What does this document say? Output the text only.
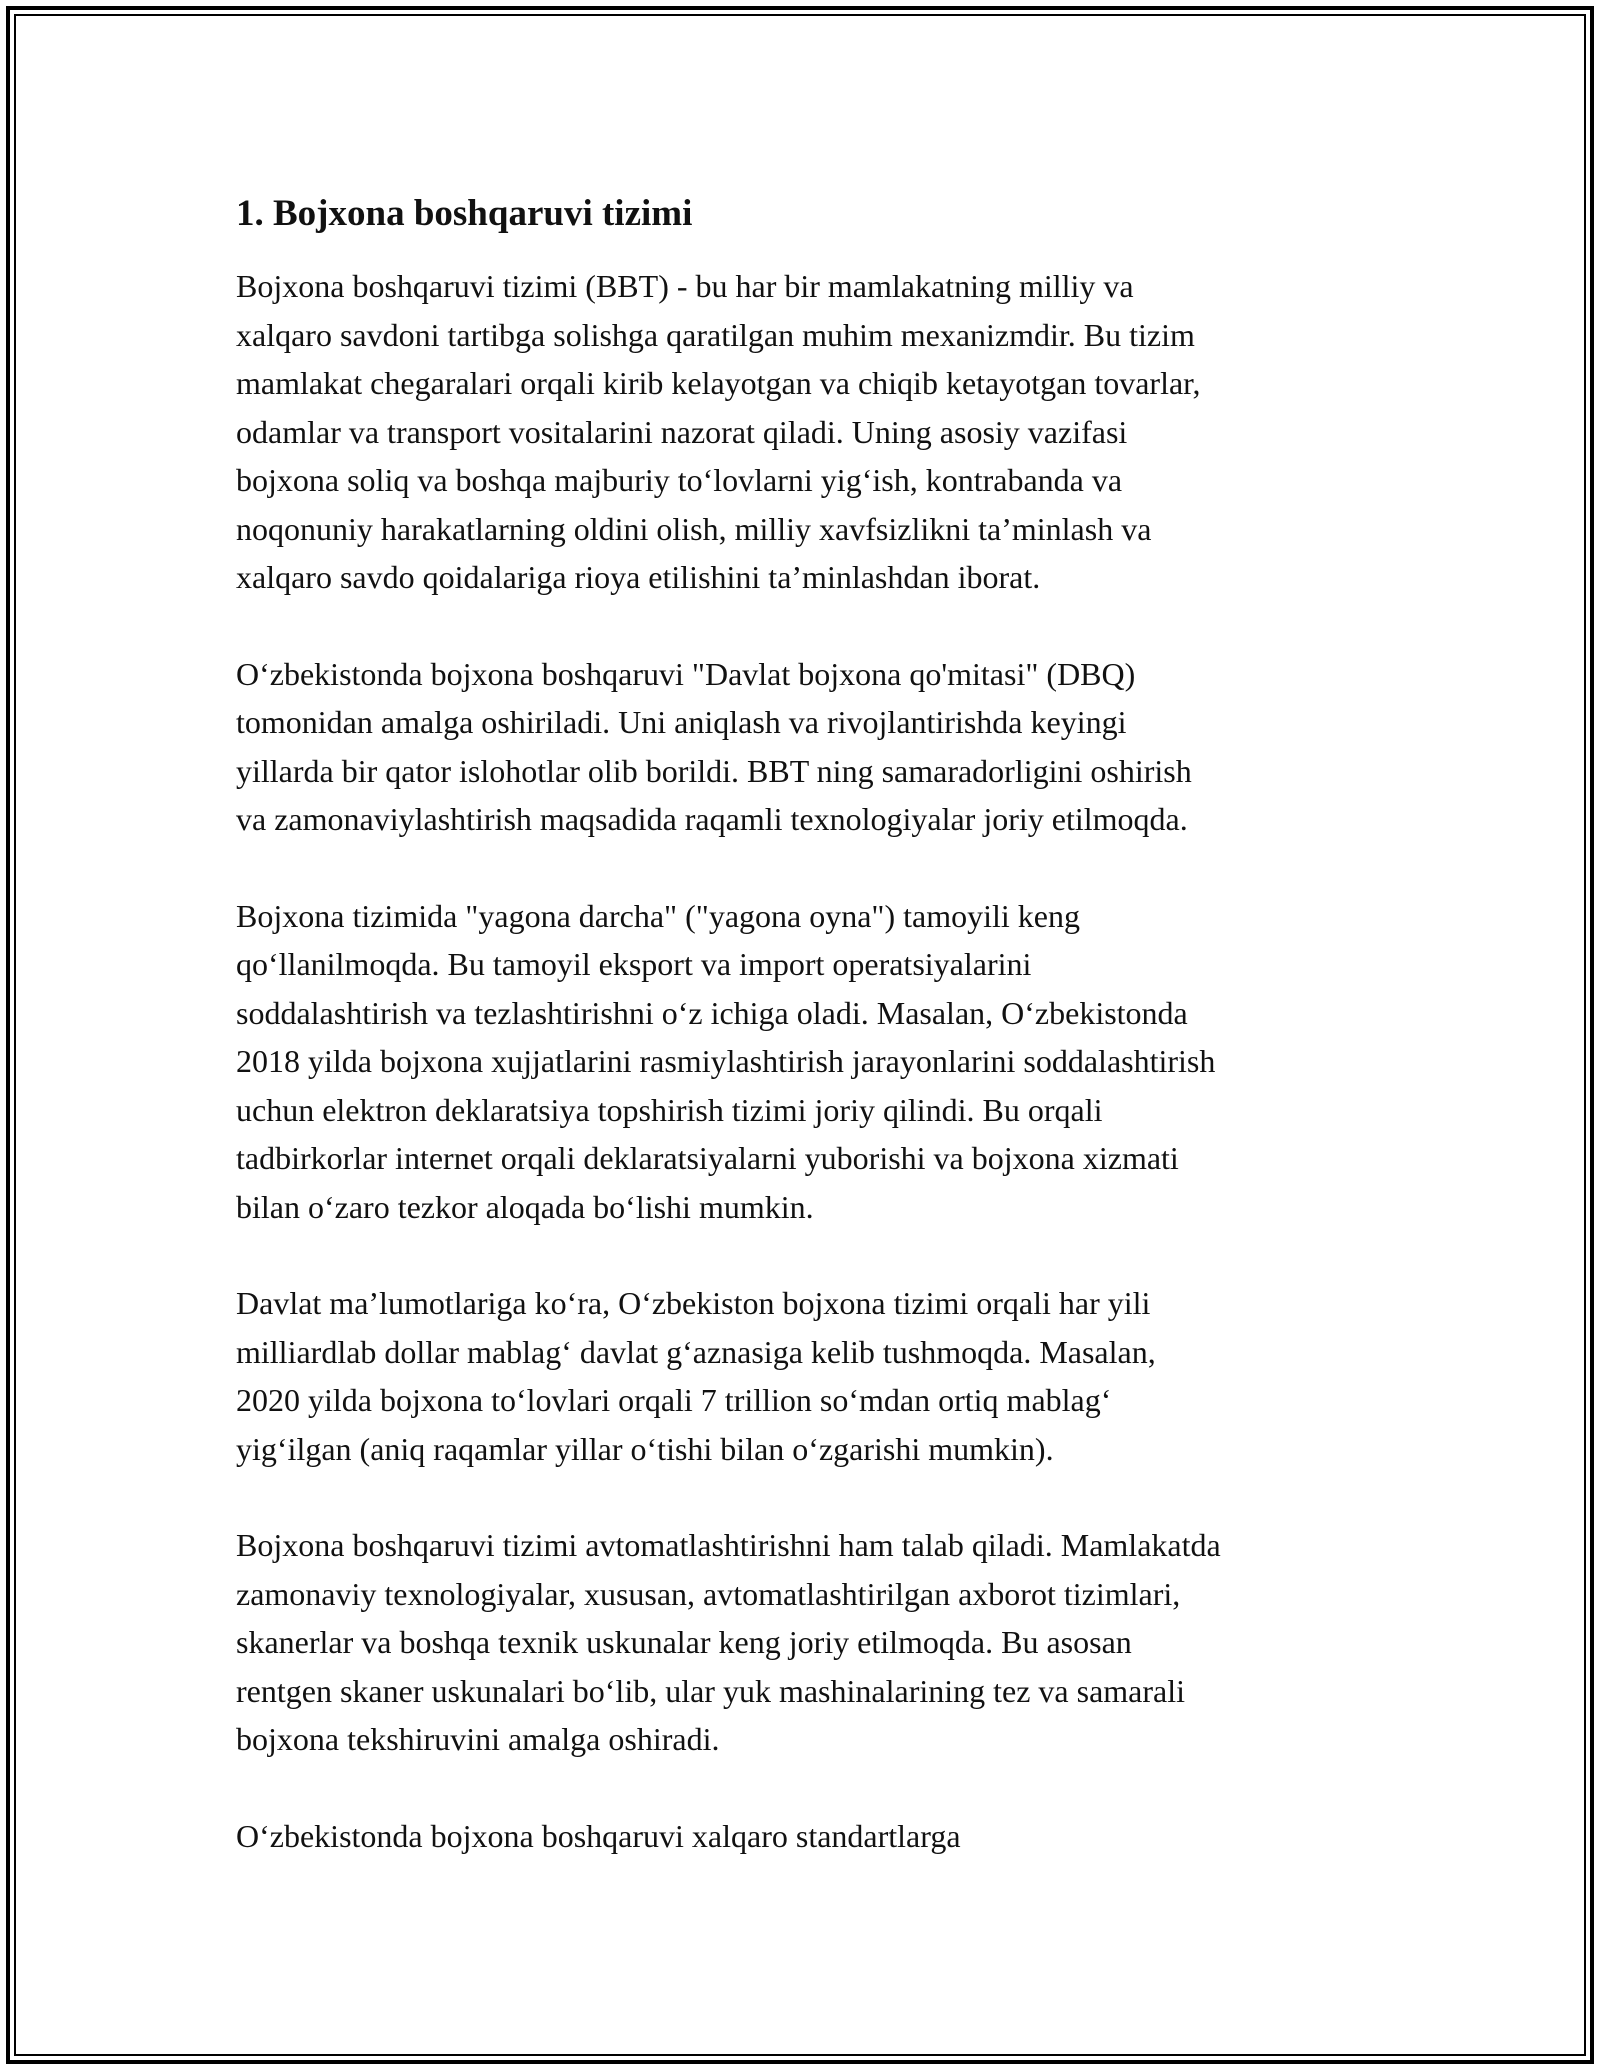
1. Bojxona boshqaruvi tizimi

Bojxona boshqaruvi tizimi (BBT) - bu har bir mamlakatning milliy va
xalqaro savdoni tartibga solishga qaratilgan muhim mexanizmdir. Bu tizim
mamlakat chegaralari orqali kirib kelayotgan va chiqib ketayotgan tovarlar,
odamlar va transport vositalarini nazorat qiladi. Uning asosiy vazifasi
bojxona soliq va boshqa majburiy to‘lovlarni yig‘ish, kontrabanda va
noqonuniy harakatlarning oldini olish, milliy xavfsizlikni ta’minlash va
xalqaro savdo qoidalariga rioya etilishini ta’minlashdan iborat.

O‘zbekistonda bojxona boshqaruvi "Davlat bojxona qo'mitasi" (DBQ)
tomonidan amalga oshiriladi. Uni aniqlash va rivojlantirishda keyingi
yillarda bir qator islohotlar olib borildi. BBT ning samaradorligini oshirish
va zamonaviylashtirish maqsadida raqamli texnologiyalar joriy etilmoqda.

Bojxona tizimida "yagona darcha" ("yagona oyna") tamoyili keng
qo‘llanilmoqda. Bu tamoyil eksport va import operatsiyalarini
soddalashtirish va tezlashtirishni o‘z ichiga oladi. Masalan, O‘zbekistonda
2018 yilda bojxona xujjatlarini rasmiylashtirish jarayonlarini soddalashtirish
uchun elektron deklaratsiya topshirish tizimi joriy qilindi. Bu orqali
tadbirkorlar internet orqali deklaratsiyalarni yuborishi va bojxona xizmati
bilan o‘zaro tezkor aloqada bo‘lishi mumkin.

Davlat ma’lumotlariga ko‘ra, O‘zbekiston bojxona tizimi orqali har yili
milliardlab dollar mablag‘ davlat g‘aznasiga kelib tushmoqda. Masalan,
2020 yilda bojxona to‘lovlari orqali 7 trillion so‘mdan ortiq mablag‘
yig‘ilgan (aniq raqamlar yillar o‘tishi bilan o‘zgarishi mumkin).

Bojxona boshqaruvi tizimi avtomatlashtirishni ham talab qiladi. Mamlakatda
zamonaviy texnologiyalar, xususan, avtomatlashtirilgan axborot tizimlari,
skanerlar va boshqa texnik uskunalar keng joriy etilmoqda. Bu asosan
rentgen skaner uskunalari bo‘lib, ular yuk mashinalarining tez va samarali
bojxona tekshiruvini amalga oshiradi.

O‘zbekistonda bojxona boshqaruvi xalqaro standartlarga
